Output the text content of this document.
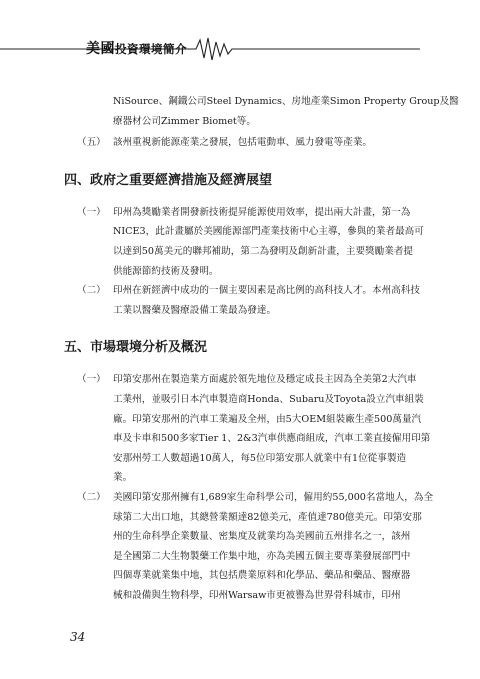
美國投資環境簡介
NiSource、鋼鐵公司Steel Dynamics、房地產業Simon Property Group及醫
療器材公司Zimmer Biomet等。
（五） 該州重視新能源產業之發展，包括電動車、風力發電等產業。
四、政府之重要經濟措施及經濟展望
（一） 印州為獎勵業者開發新技術提昇能源使用效率，提出兩大計畫，第一為
NICE3，此計畫屬於美國能源部門產業技術中心主導，參與的業者最高可
以達到50萬美元的聯邦補助，第二為發明及創新計畫，主要獎勵業者提
供能源節約技術及發明。
（二） 印州在新經濟中成功的一個主要因素是高比例的高科技人才。本州高科技
工業以醫藥及醫療設備工業最為發達。
五、市場環境分析及概況
（一） 印第安那州在製造業方面處於領先地位及穩定成長主因為全美第2大汽車
工業州，並吸引日本汽車製造商Honda、Subaru及Toyota設立汽車組裝
廠。印第安那州的汽車工業遍及全州，由5大OEM組裝廠生產500萬量汽
車及卡車和500多家Tier 1、2&3汽車供應商組成，汽車工業直接僱用印第
安那州勞工人數超過10萬人，每5位印第安那人就業中有1位從事製造
業。
（二） 美國印第安那州擁有1,689家生命科學公司，僱用約55,000名當地人，為全
球第二大出口地，其總營業額達82億美元，產值達780億美元。印第安那
州的生命科學企業數量、密集度及就業均為美國前五州排名之一，該州
是全國第二大生物製藥工作集中地，亦為美國五個主要專業發展部門中
四個專業就業集中地，其包括農業原料和化學品、藥品和藥品、醫療器
械和設備與生物科學，印州Warsaw市更被譽為世界骨科城市，印州
34
